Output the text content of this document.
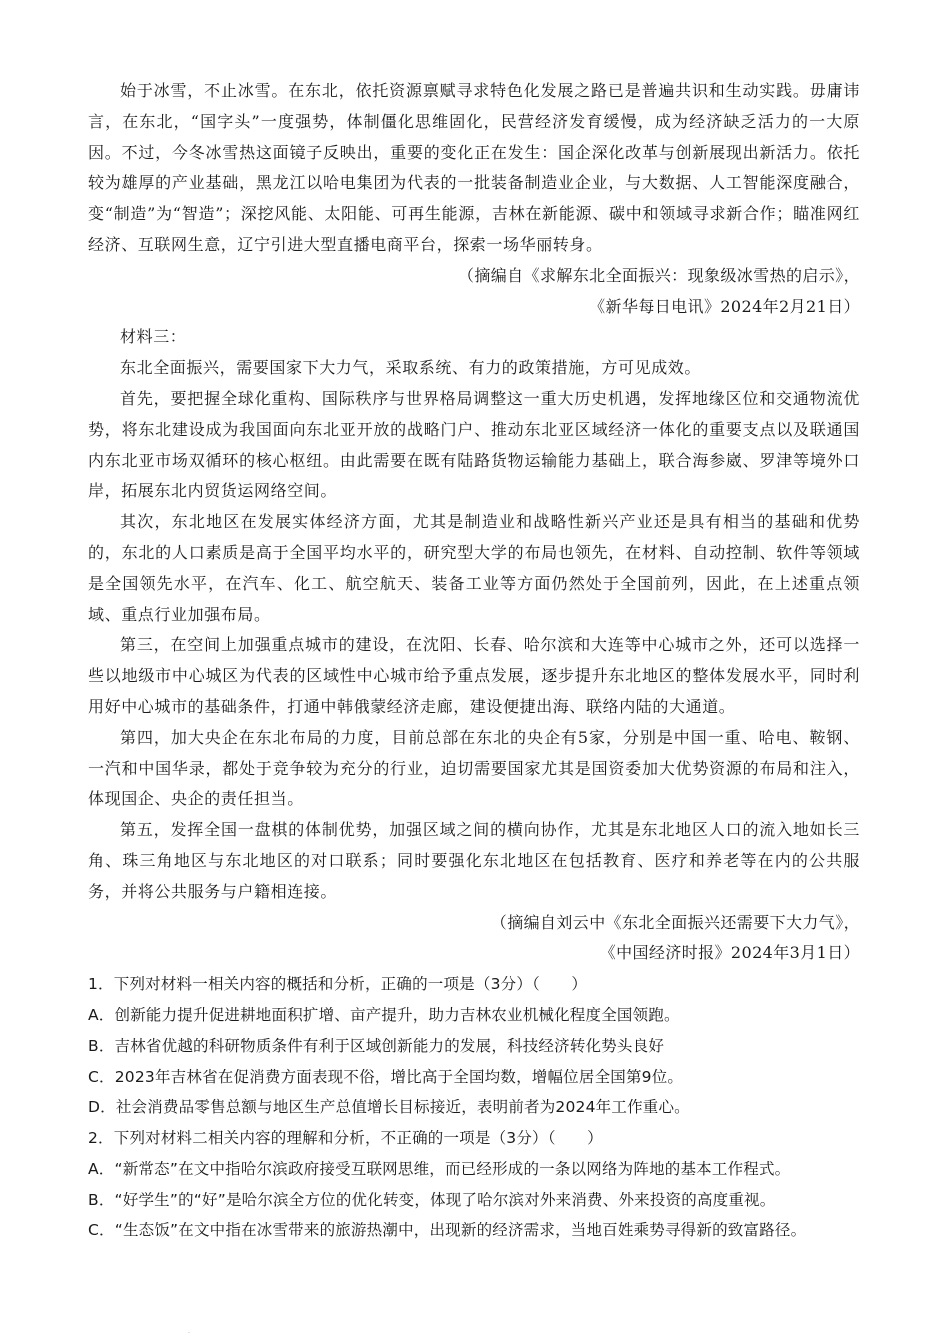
始于冰雪，不止冰雪。在东北，依托资源禀赋寻求特色化发展之路已是普遍共识和生动实践。毋庸讳言，在东北，“国字头”一度强势，体制僵化思维固化，民营经济发育缓慢，成为经济缺乏活力的一大原因。不过，今冬冰雪热这面镜子反映出，重要的变化正在发生：国企深化改革与创新展现出新活力。依托较为雄厚的产业基础，黑龙江以哈电集团为代表的一批装备制造业企业，与大数据、人工智能深度融合，变“制造”为“智造”；深挖风能、太阳能、可再生能源，吉林在新能源、碳中和领域寻求新合作；瞄准网红经济、互联网生意，辽宁引进大型直播电商平台，探索一场华丽转身。

（摘编自《求解东北全面振兴：现象级冰雪热的启示》，

《新华每日电讯》2024年2月21日）

材料三：

东北全面振兴，需要国家下大力气，采取系统、有力的政策措施，方可见成效。

首先，要把握全球化重构、国际秩序与世界格局调整这一重大历史机遇，发挥地缘区位和交通物流优势，将东北建设成为我国面向东北亚开放的战略门户、推动东北亚区域经济一体化的重要支点以及联通国内东北亚市场双循环的核心枢纽。由此需要在既有陆路货物运输能力基础上，联合海参崴、罗津等境外口岸，拓展东北内贸货运网络空间。

其次，东北地区在发展实体经济方面，尤其是制造业和战略性新兴产业还是具有相当的基础和优势的，东北的人口素质是高于全国平均水平的，研究型大学的布局也领先，在材料、自动控制、软件等领域是全国领先水平，在汽车、化工、航空航天、装备工业等方面仍然处于全国前列，因此，在上述重点领域、重点行业加强布局。

第三，在空间上加强重点城市的建设，在沈阳、长春、哈尔滨和大连等中心城市之外，还可以选择一些以地级市中心城区为代表的区域性中心城市给予重点发展，逐步提升东北地区的整体发展水平，同时利用好中心城市的基础条件，打通中韩俄蒙经济走廊，建设便捷出海、联络内陆的大通道。

第四，加大央企在东北布局的力度，目前总部在东北的央企有5家，分别是中国一重、哈电、鞍钢、一汽和中国华录，都处于竞争较为充分的行业，迫切需要国家尤其是国资委加大优势资源的布局和注入，体现国企、央企的责任担当。

第五，发挥全国一盘棋的体制优势，加强区域之间的横向协作，尤其是东北地区人口的流入地如长三角、珠三角地区与东北地区的对口联系；同时要强化东北地区在包括教育、医疗和养老等在内的公共服务，并将公共服务与户籍相连接。

（摘编自刘云中《东北全面振兴还需要下大力气》，

《中国经济时报》2024年3月1日）

1．下列对材料一相关内容的概括和分析，正确的一项是（3分）（　　）

A．创新能力提升促进耕地面积扩增、亩产提升，助力吉林农业机械化程度全国领跑。

B．吉林省优越的科研物质条件有利于区域创新能力的发展，科技经济转化势头良好

C．2023年吉林省在促消费方面表现不俗，增比高于全国均数，增幅位居全国第9位。

D．社会消费品零售总额与地区生产总值增长目标接近，表明前者为2024年工作重心。

2．下列对材料二相关内容的理解和分析，不正确的一项是（3分）（　　）

A．“新常态”在文中指哈尔滨政府接受互联网思维，而已经形成的一条以网络为阵地的基本工作程式。

B．“好学生”的“好”是哈尔滨全方位的优化转变，体现了哈尔滨对外来消费、外来投资的高度重视。

C．“生态饭”在文中指在冰雪带来的旅游热潮中，出现新的经济需求，当地百姓乘势寻得新的致富路径。

·
